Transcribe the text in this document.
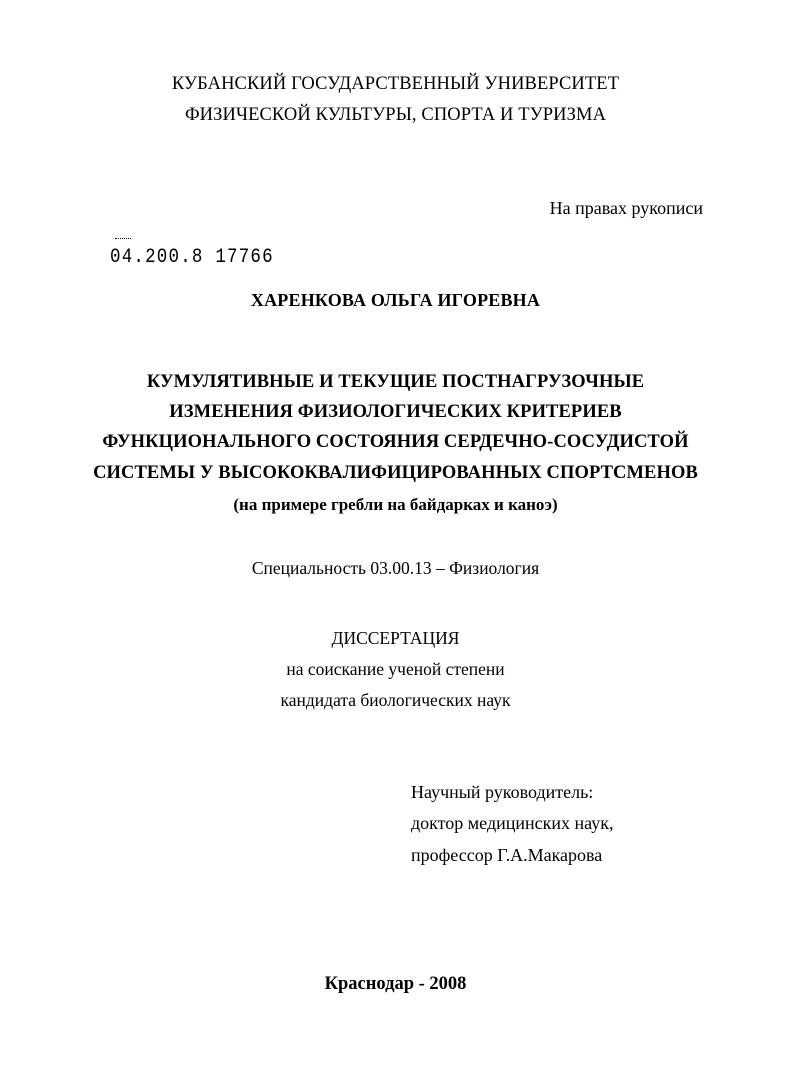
КУБАНСКИЙ ГОСУДАРСТВЕННЫЙ УНИВЕРСИТЕТ
ФИЗИЧЕСКОЙ КУЛЬТУРЫ, СПОРТА И ТУРИЗМА
На правах рукописи
04.200.8 17766
ХАРЕНКОВА ОЛЬГА ИГОРЕВНА
КУМУЛЯТИВНЫЕ И ТЕКУЩИЕ ПОСТНАГРУЗОЧНЫЕ
ИЗМЕНЕНИЯ ФИЗИОЛОГИЧЕСКИХ КРИТЕРИЕВ
ФУНКЦИОНАЛЬНОГО СОСТОЯНИЯ СЕРДЕЧНО-СОСУДИСТОЙ
СИСТЕМЫ У ВЫСОКОКВАЛИФИЦИРОВАННЫХ СПОРТСМЕНОВ
(на примере гребли на байдарках и каноэ)
Специальность 03.00.13 – Физиология
ДИССЕРТАЦИЯ
на соискание ученой степени
кандидата биологических наук
Научный руководитель:
доктор медицинских наук,
профессор Г.А.Макарова
Краснодар - 2008
